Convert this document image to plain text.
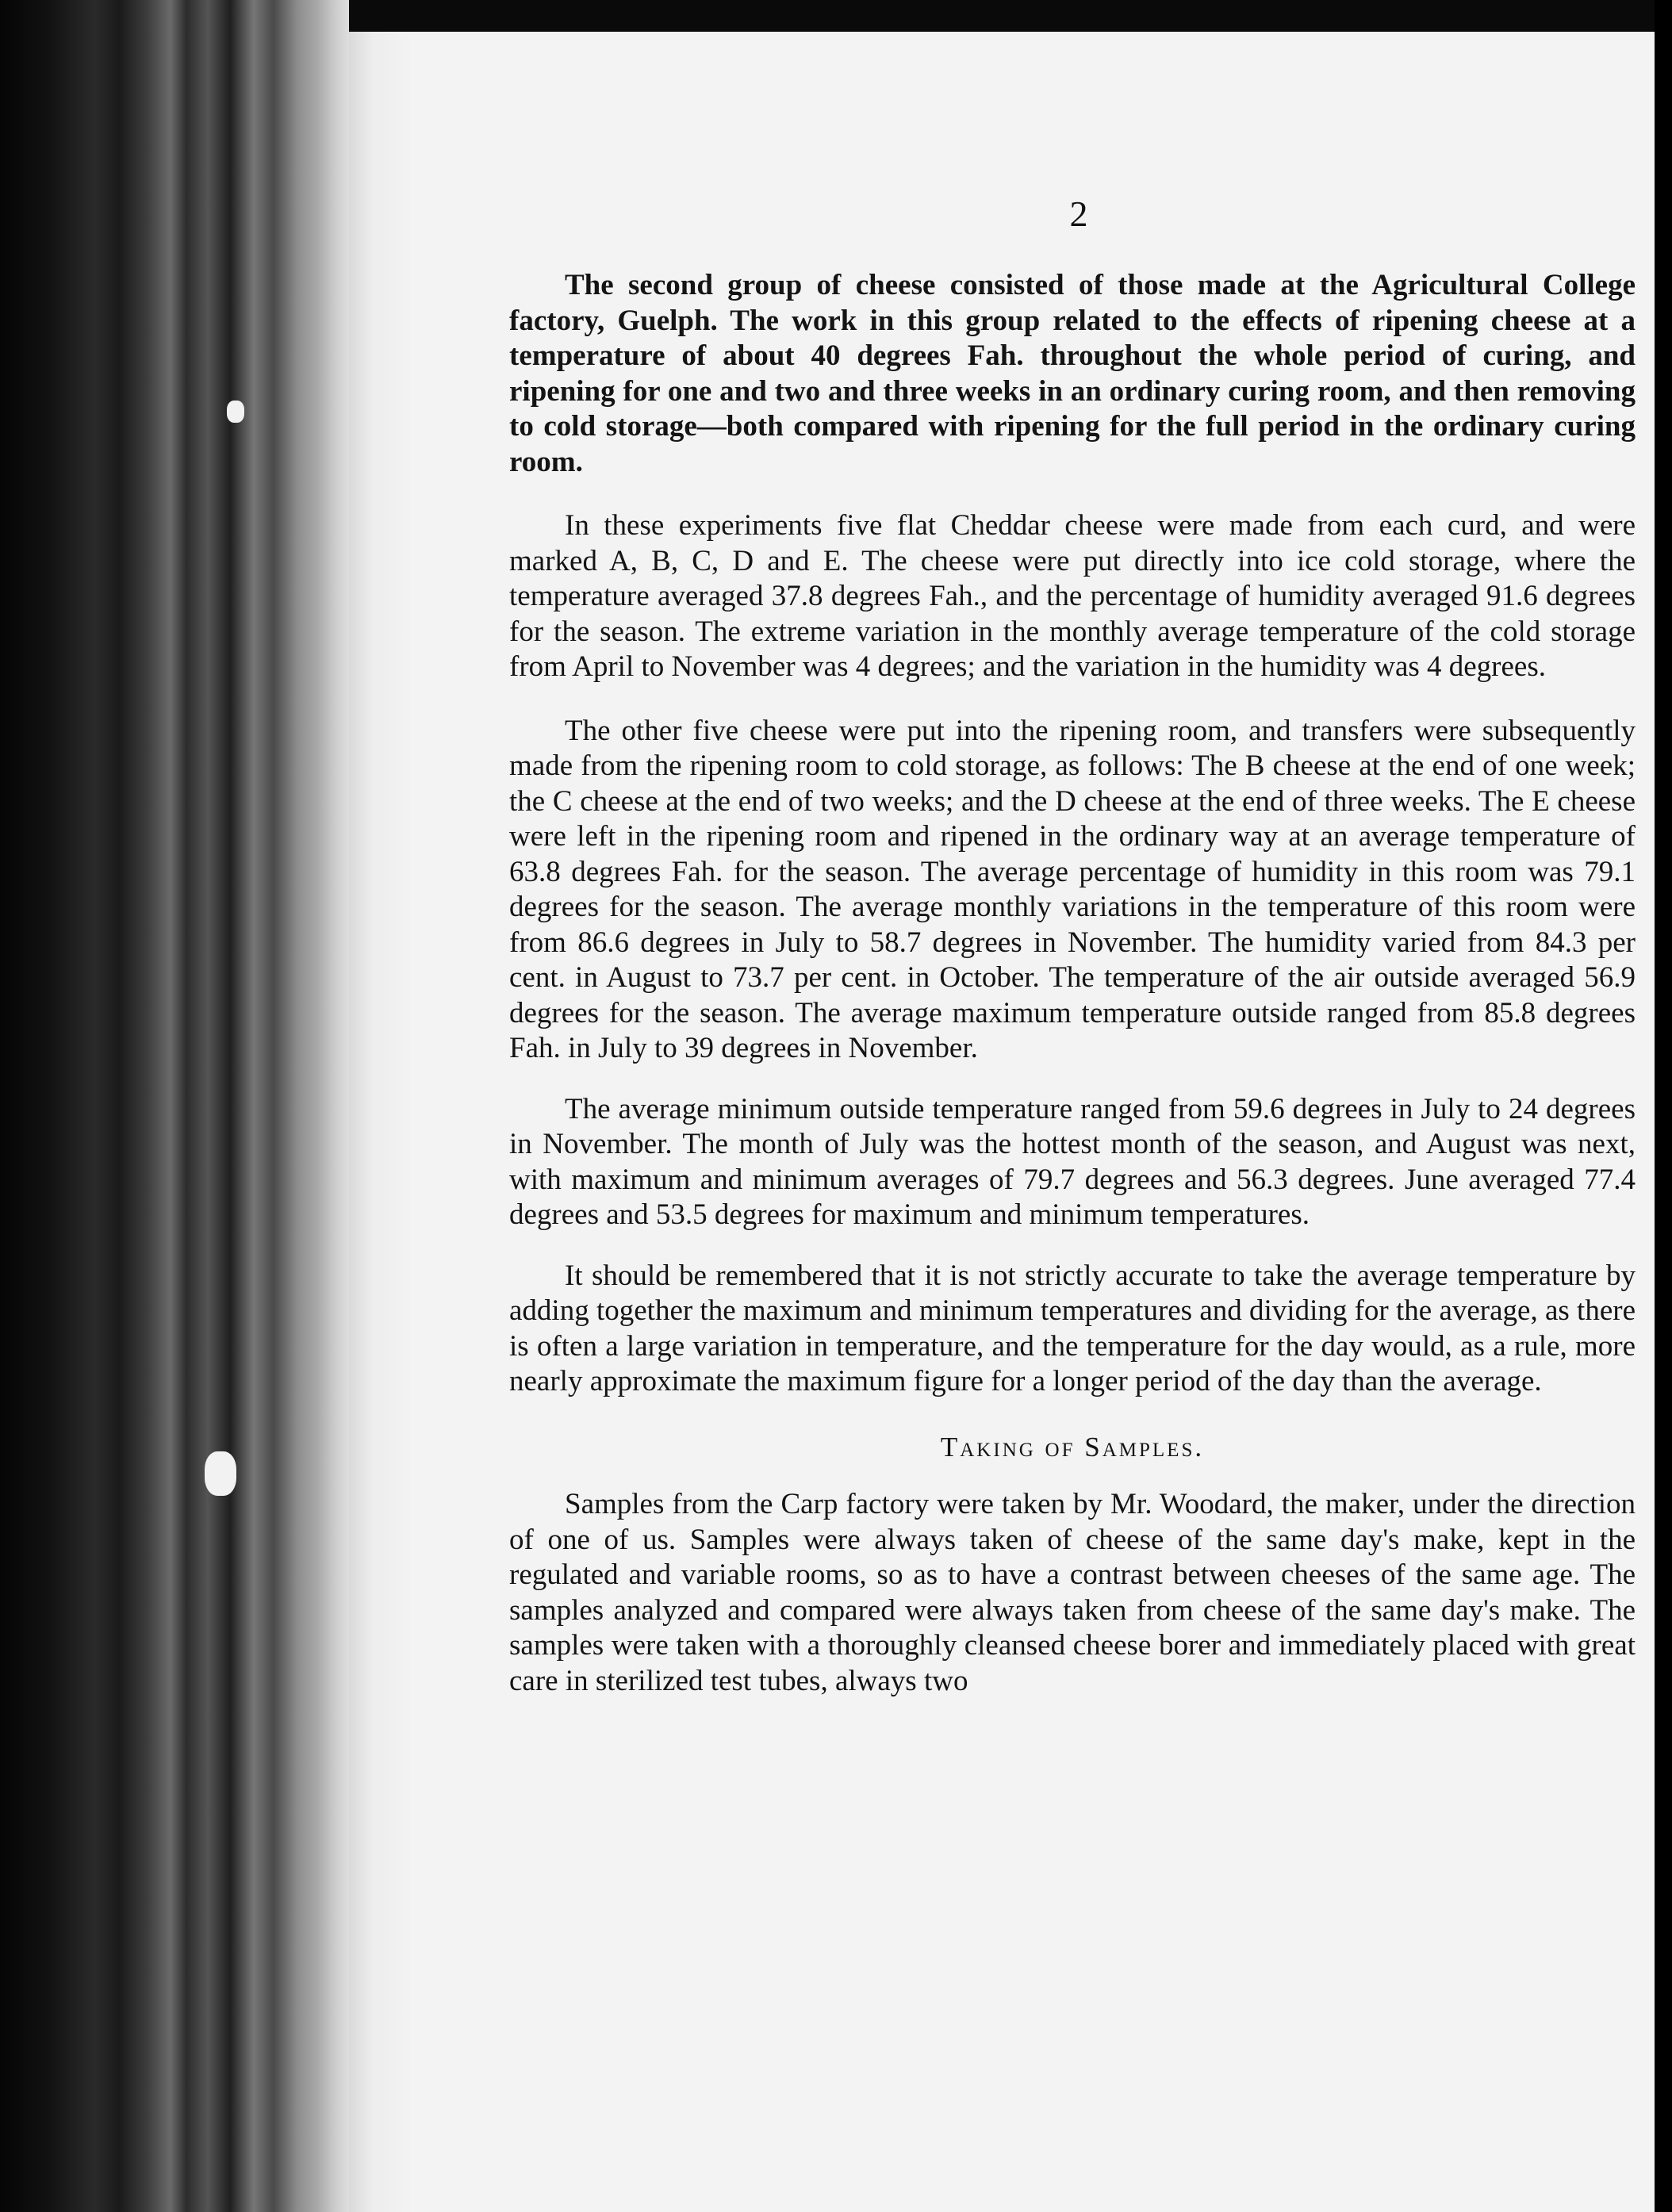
2

The second group of cheese consisted of those made at the Agricultural College factory, Guelph. The work in this group related to the effects of ripening cheese at a temperature of about 40 degrees Fah. throughout the whole period of curing, and ripening for one and two and three weeks in an ordinary curing room, and then removing to cold storage—both compared with ripening for the full period in the ordinary curing room.

In these experiments five flat Cheddar cheese were made from each curd, and were marked A, B, C, D and E. The cheese were put directly into ice cold storage, where the temperature averaged 37.8 degrees Fah., and the percentage of humidity averaged 91.6 degrees for the season. The extreme variation in the monthly average temperature of the cold storage from April to November was 4 degrees; and the variation in the humidity was 4 degrees.

The other five cheese were put into the ripening room, and transfers were subsequently made from the ripening room to cold storage, as follows: The B cheese at the end of one week; the C cheese at the end of two weeks; and the D cheese at the end of three weeks. The E cheese were left in the ripening room and ripened in the ordinary way at an average temperature of 63.8 degrees Fah. for the season. The average percentage of humidity in this room was 79.1 degrees for the season. The average monthly variations in the temperature of this room were from 86.6 degrees in July to 58.7 degrees in November. The humidity varied from 84.3 per cent. in August to 73.7 per cent. in October. The temperature of the air outside averaged 56.9 degrees for the season. The average maximum temperature outside ranged from 85.8 degrees Fah. in July to 39 degrees in November.

The average minimum outside temperature ranged from 59.6 degrees in July to 24 degrees in November. The month of July was the hottest month of the season, and August was next, with maximum and minimum averages of 79.7 degrees and 56.3 degrees. June averaged 77.4 degrees and 53.5 degrees for maximum and minimum temperatures.

It should be remembered that it is not strictly accurate to take the average temperature by adding together the maximum and minimum temperatures and dividing for the average, as there is often a large variation in temperature, and the temperature for the day would, as a rule, more nearly approximate the maximum figure for a longer period of the day than the average.

Taking of Samples.

Samples from the Carp factory were taken by Mr. Woodard, the maker, under the direction of one of us. Samples were always taken of cheese of the same day's make, kept in the regulated and variable rooms, so as to have a contrast between cheeses of the same age. The samples analyzed and compared were always taken from cheese of the same day's make. The samples were taken with a thoroughly cleansed cheese borer and immediately placed with great care in sterilized test tubes, always two
